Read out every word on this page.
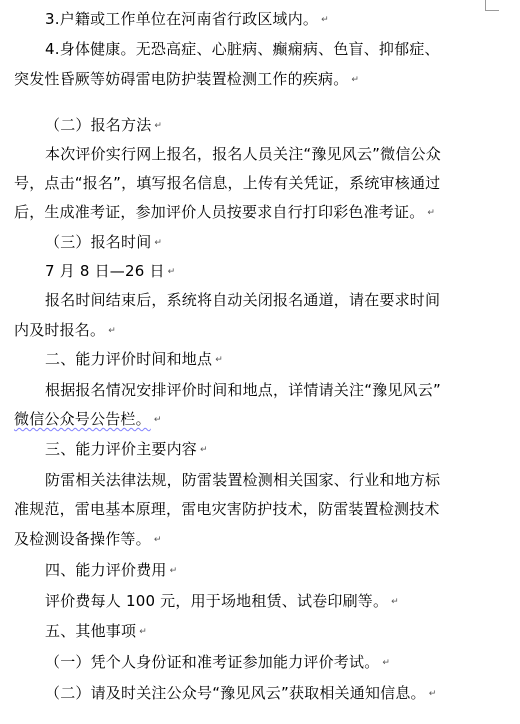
3.户籍或工作单位在河南省行政区域内。 ↵
4.身体健康。无恐高症、心脏病、癫痫病、色盲、抑郁症、
突发性昏厥等妨碍雷电防护装置检测工作的疾病。 ↵
（二）报名方法 ↵
本次评价实行网上报名，报名人员关注“豫见风云”微信公众
号，点击“报名”，填写报名信息，上传有关凭证，系统审核通过
后，生成准考证，参加评价人员按要求自行打印彩色准考证。 ↵
（三）报名时间 ↵
7 月 8 日—26 日 ↵
报名时间结束后，系统将自动关闭报名通道，请在要求时间
内及时报名。 ↵
二、能力评价时间和地点 ↵
根据报名情况安排评价时间和地点，详情请关注“豫见风云”
微信公众号公告栏。 ↵
三、能力评价主要内容 ↵
防雷相关法律法规，防雷装置检测相关国家、行业和地方标
准规范，雷电基本原理，雷电灾害防护技术，防雷装置检测技术
及检测设备操作等。 ↵
四、能力评价费用 ↵
评价费每人 100 元，用于场地租赁、试卷印刷等。 ↵
五、其他事项 ↵
（一）凭个人身份证和准考证参加能力评价考试。 ↵
（二）请及时关注公众号“豫见风云”获取相关通知信息。 ↵
